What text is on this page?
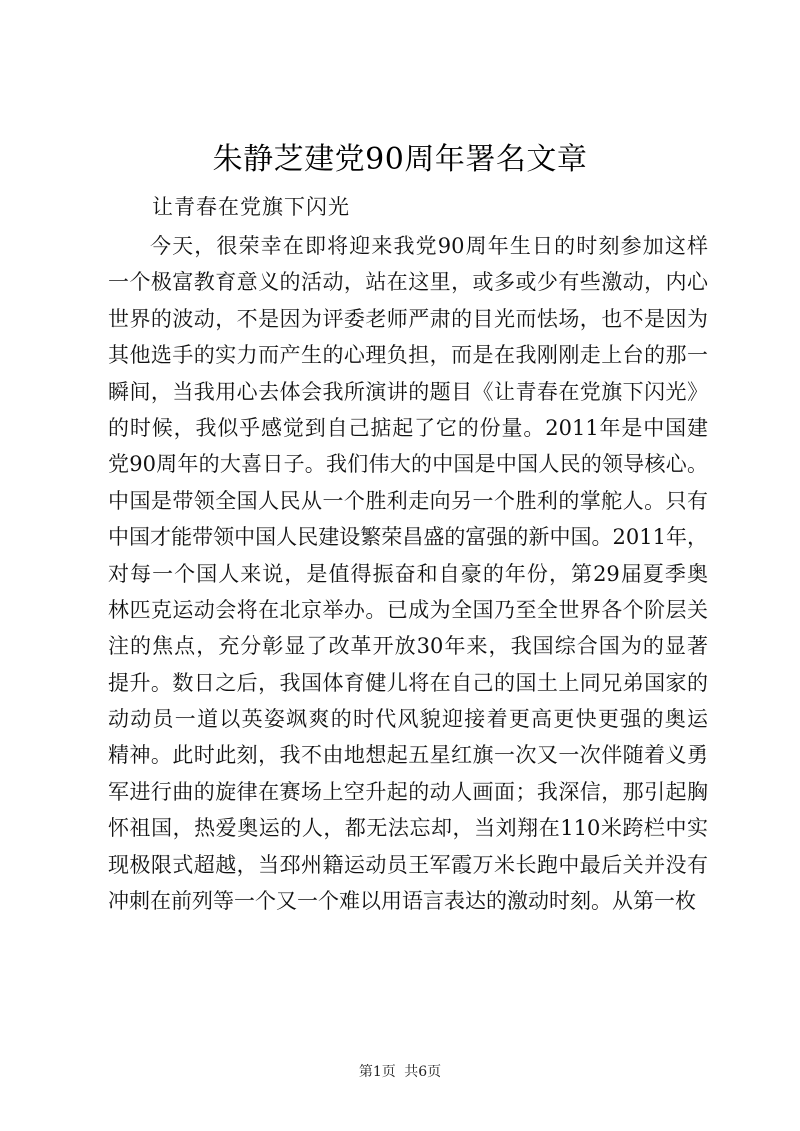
朱静芝建党90周年署名文章
让青春在党旗下闪光
今天，很荣幸在即将迎来我党90周年生日的时刻参加这样
一个极富教育意义的活动，站在这里，或多或少有些激动，内心
世界的波动，不是因为评委老师严肃的目光而怯场，也不是因为
其他选手的实力而产生的心理负担，而是在我刚刚走上台的那一
瞬间，当我用心去体会我所演讲的题目《让青春在党旗下闪光》
的时候，我似乎感觉到自己掂起了它的份量。2011年是中国建
党90周年的大喜日子。我们伟大的中国是中国人民的领导核心。
中国是带领全国人民从一个胜利走向另一个胜利的掌舵人。只有
中国才能带领中国人民建设繁荣昌盛的富强的新中国。2011年，
对每一个国人来说，是值得振奋和自豪的年份，第29届夏季奥
林匹克运动会将在北京举办。已成为全国乃至全世界各个阶层关
注的焦点，充分彰显了改革开放30年来，我国综合国为的显著
提升。数日之后，我国体育健儿将在自己的国土上同兄弟国家的
动动员一道以英姿飒爽的时代风貌迎接着更高更快更强的奥运
精神。此时此刻，我不由地想起五星红旗一次又一次伴随着义勇
军进行曲的旋律在赛场上空升起的动人画面；我深信，那引起胸
怀祖国，热爱奥运的人，都无法忘却，当刘翔在110米跨栏中实
现极限式超越，当邳州籍运动员王军霞万米长跑中最后关并没有
冲刺在前列等一个又一个难以用语言表达的激动时刻。从第一枚
第1页 共6页
